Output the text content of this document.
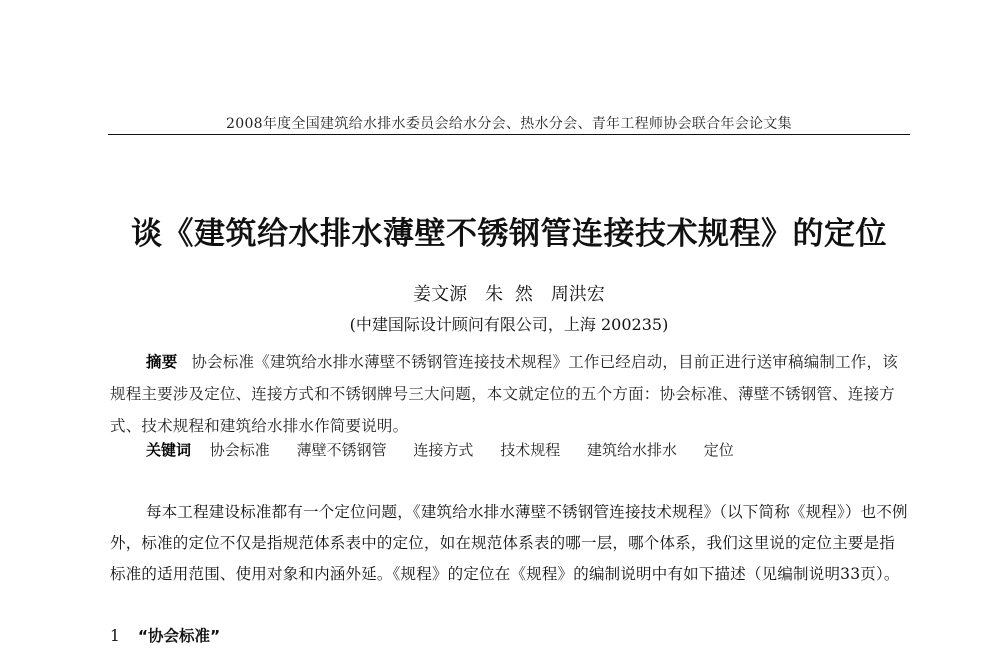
2008年度全国建筑给水排水委员会给水分会、热水分会、青年工程师协会联合年会论文集
谈《建筑给水排水薄壁不锈钢管连接技术规程》的定位
姜文源　朱 然　周洪宏
(中建国际设计顾问有限公司，上海 200235)
摘要 协会标准《建筑给水排水薄壁不锈钢管连接技术规程》工作已经启动，目前正进行送审稿编制工作，该规程主要涉及定位、连接方式和不锈钢牌号三大问题，本文就定位的五个方面：协会标准、薄壁不锈钢管、连接方式、技术规程和建筑给水排水作简要说明。
关键词 协会标准 薄壁不锈钢管 连接方式 技术规程 建筑给水排水 定位
每本工程建设标准都有一个定位问题，《建筑给水排水薄壁不锈钢管连接技术规程》（以下简称《规程》）也不例外，标准的定位不仅是指规范体系表中的定位，如在规范体系表的哪一层，哪个体系，我们这里说的定位主要是指标准的适用范围、使用对象和内涵外延。《规程》的定位在《规程》的编制说明中有如下描述（见编制说明33页）。
1 “协会标准”
